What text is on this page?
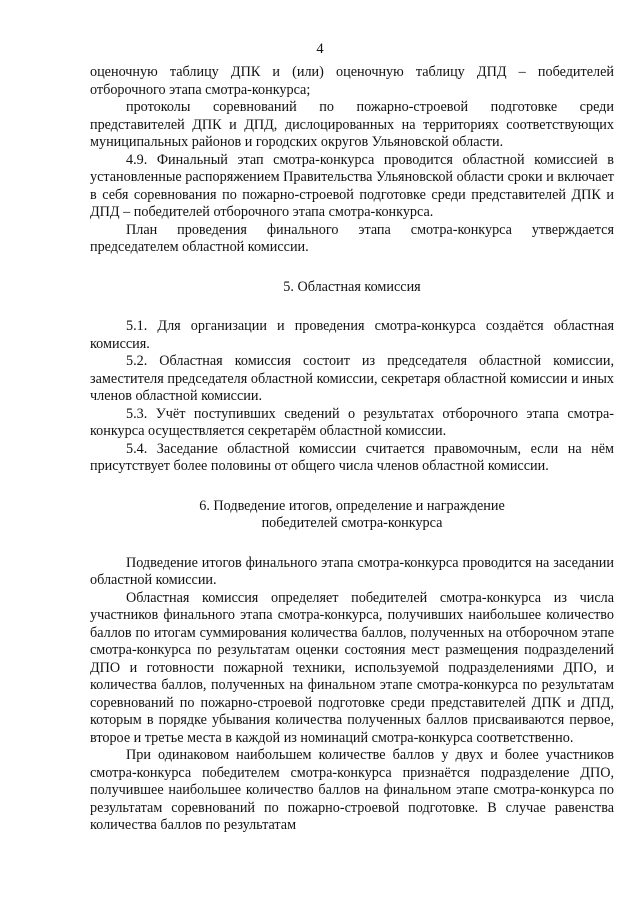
4

оценочную таблицу ДПК и (или) оценочную таблицу ДПД – победителей отборочного этапа смотра-конкурса;

протоколы соревнований по пожарно-строевой подготовке среди представителей ДПК и ДПД, дислоцированных на территориях соответствующих муниципальных районов и городских округов Ульяновской области.

4.9. Финальный этап смотра-конкурса проводится областной комиссией в установленные распоряжением Правительства Ульяновской области сроки и включает в себя соревнования по пожарно-строевой подготовке среди представителей ДПК и ДПД – победителей отборочного этапа смотра-конкурса.

План проведения финального этапа смотра-конкурса утверждается председателем областной комиссии.

5. Областная комиссия

5.1. Для организации и проведения смотра-конкурса создаётся областная комиссия.

5.2. Областная комиссия состоит из председателя областной комиссии, заместителя председателя областной комиссии, секретаря областной комиссии и иных членов областной комиссии.

5.3. Учёт поступивших сведений о результатах отборочного этапа смотра-конкурса осуществляется секретарём областной комиссии.

5.4. Заседание областной комиссии считается правомочным, если на нём присутствует более половины от общего числа членов областной комиссии.

6. Подведение итогов, определение и награждение

победителей смотра-конкурса

Подведение итогов финального этапа смотра-конкурса проводится на заседании областной комиссии.

Областная комиссия определяет победителей смотра-конкурса из числа участников финального этапа смотра-конкурса, получивших наибольшее количество баллов по итогам суммирования количества баллов, полученных на отборочном этапе смотра-конкурса по результатам оценки состояния мест размещения подразделений ДПО и готовности пожарной техники, используемой подразделениями ДПО, и количества баллов, полученных на финальном этапе смотра-конкурса по результатам соревнований по пожарно-строевой подготовке среди представителей ДПК и ДПД, которым в порядке убывания количества полученных баллов присваиваются первое, второе и третье места в каждой из номинаций смотра-конкурса соответственно.

При одинаковом наибольшем количестве баллов у двух и более участников смотра-конкурса победителем смотра-конкурса признаётся подразделение ДПО, получившее наибольшее количество баллов на финальном этапе смотра-конкурса по результатам соревнований по пожарно-строевой подготовке. В случае равенства количества баллов по результатам
